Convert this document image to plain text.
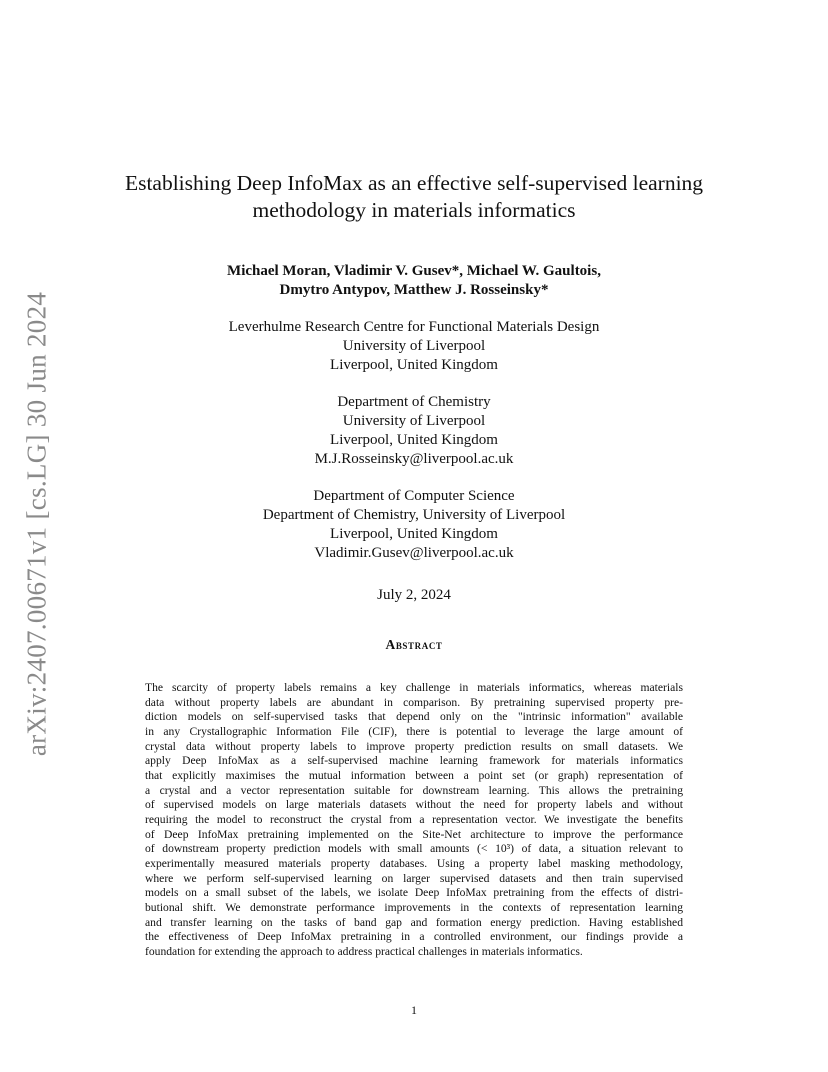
arXiv:2407.00671v1 [cs.LG] 30 Jun 2024
Establishing Deep InfoMax as an effective self-supervised learning
methodology in materials informatics
Michael Moran, Vladimir V. Gusev*, Michael W. Gaultois,
Dmytro Antypov, Matthew J. Rosseinsky*
Leverhulme Research Centre for Functional Materials Design
University of Liverpool
Liverpool, United Kingdom
Department of Chemistry
University of Liverpool
Liverpool, United Kingdom
M.J.Rosseinsky@liverpool.ac.uk
Department of Computer Science
Department of Chemistry, University of Liverpool
Liverpool, United Kingdom
Vladimir.Gusev@liverpool.ac.uk
July 2, 2024
Abstract
The scarcity of property labels remains a key challenge in materials informatics, whereas materials
data without property labels are abundant in comparison. By pretraining supervised property pre-
diction models on self-supervised tasks that depend only on the "intrinsic information" available
in any Crystallographic Information File (CIF), there is potential to leverage the large amount of
crystal data without property labels to improve property prediction results on small datasets. We
apply Deep InfoMax as a self-supervised machine learning framework for materials informatics
that explicitly maximises the mutual information between a point set (or graph) representation of
a crystal and a vector representation suitable for downstream learning. This allows the pretraining
of supervised models on large materials datasets without the need for property labels and without
requiring the model to reconstruct the crystal from a representation vector. We investigate the benefits
of Deep InfoMax pretraining implemented on the Site-Net architecture to improve the performance
of downstream property prediction models with small amounts (< 10³) of data, a situation relevant to
experimentally measured materials property databases. Using a property label masking methodology,
where we perform self-supervised learning on larger supervised datasets and then train supervised
models on a small subset of the labels, we isolate Deep InfoMax pretraining from the effects of distri-
butional shift. We demonstrate performance improvements in the contexts of representation learning
and transfer learning on the tasks of band gap and formation energy prediction. Having established
the effectiveness of Deep InfoMax pretraining in a controlled environment, our findings provide a
foundation for extending the approach to address practical challenges in materials informatics.
1
